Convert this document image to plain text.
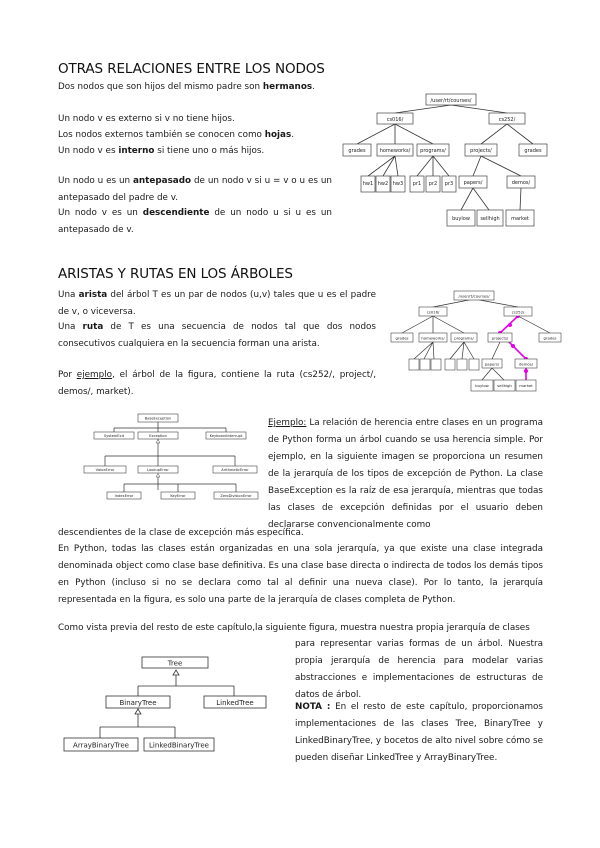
OTRAS RELACIONES ENTRE LOS NODOS
Dos nodos que son hijos del mismo padre son hermanos.
Un nodo v es externo si v no tiene hijos.
Los nodos externos también se conocen como hojas.
Un nodo v es interno si tiene uno o más hijos.
Un nodo u es un antepasado de un nodo v si u = v o u es un antepasado del padre de v.
Un nodo v es un descendiente de un nodo u si u es un antepasado de v.
/user/rt/courses/
cs016/	cs252/
grades	homeworks/ programs/	projects/	grades
hw1 hw2 hw3 pr1 pr2 pr3 papers/	demos/
buylow sellhigh market
ARISTAS Y RUTAS EN LOS ÁRBOLES
Una arista del árbol T es un par de nodos (u,v) tales que u es el padre de v, o viceversa.
Una ruta de T es una secuencia de nodos tal que dos nodos consecutivos cualquiera en la secuencia forman una arista.
Por ejemplo, el árbol de la figura, contiene la ruta (cs252/, project/, demos/, market).
/user/rt/courses/
cs016/	cs252/
grades	homeworks/	programs/	projects/	grades
papers/	demos/
buylow sellhigh market
BaseException
SystemExit	Exception	KeyboardInterrupt
ValueError	LookupError	ArithmeticError
IndexError	KeyError	ZeroDivisionError
Ejemplo: La relación de herencia entre clases en un programa de Python forma un árbol cuando se usa herencia simple. Por ejemplo, en la siguiente imagen se proporciona un resumen de la jerarquía de los tipos de excepción de Python. La clase BaseException es la raíz de esa jerarquía, mientras que todas las clases de excepción definidas por el usuario deben declararse convencionalmente como
descendientes de la clase de excepción más específica.
En Python, todas las clases están organizadas en una sola jerarquía, ya que existe una clase integrada denominada object como clase base definitiva. Es una clase base directa o indirecta de todos los demás tipos en Python (incluso si no se declara como tal al definir una nueva clase). Por lo tanto, la jerarquía representada en la figura, es solo una parte de la jerarquía de clases completa de Python.
Como vista previa del resto de este capítulo,la siguiente figura, muestra nuestra propia jerarquía de clases
para representar varias formas de un árbol. Nuestra propia jerarquía de herencia para modelar varias abstracciones e implementaciones de estructuras de datos de árbol.
Tree
BinaryTree	LinkedTree
ArrayBinaryTree	LinkedBinaryTree
NOTA : En el resto de este capítulo, proporcionamos implementaciones de las clases Tree, BinaryTree y LinkedBinaryTree, y bocetos de alto nivel sobre cómo se pueden diseñar LinkedTree y ArrayBinaryTree.
